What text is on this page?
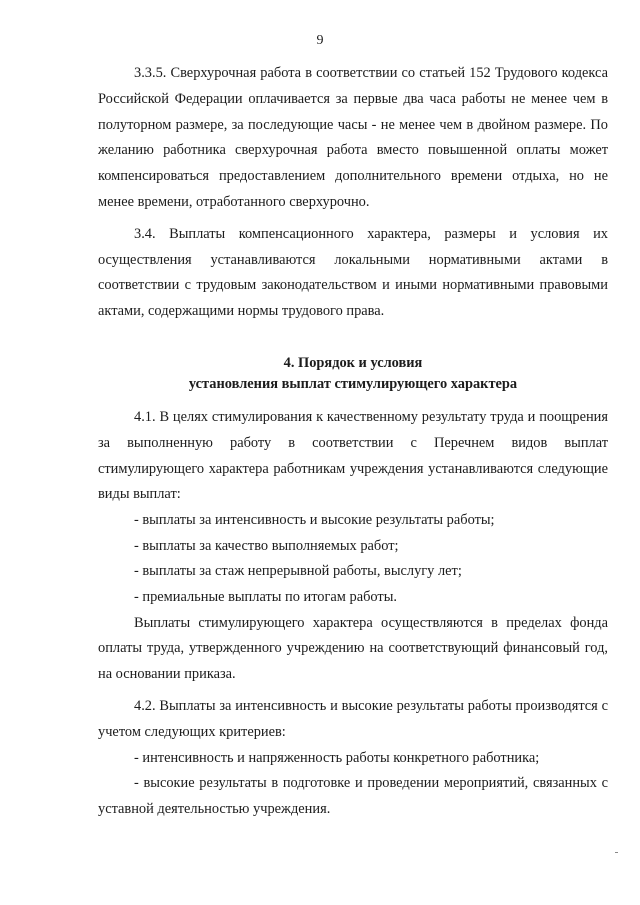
9

3.3.5. Сверхурочная работа в соответствии со статьей 152 Трудового кодекса Российской Федерации оплачивается за первые два часа работы не менее чем в полуторном размере, за последующие часы - не менее чем в двойном размере. По желанию работника сверхурочная работа вместо повышенной оплаты может компенсироваться предоставлением дополнительного времени отдыха, но не менее времени, отработанного сверхурочно.

3.4. Выплаты компенсационного характера, размеры и условия их осуществления устанавливаются локальными нормативными актами в соответствии с трудовым законодательством и иными нормативными правовыми актами, содержащими нормы трудового права.

4. Порядок и условия

установления выплат стимулирующего характера

4.1. В целях стимулирования к качественному результату труда и поощрения за выполненную работу в соответствии с Перечнем видов выплат стимулирующего характера работникам учреждения устанавливаются следующие виды выплат:

- выплаты за интенсивность и высокие результаты работы;

- выплаты за качество выполняемых работ;

- выплаты за стаж непрерывной работы, выслугу лет;

- премиальные выплаты по итогам работы.

Выплаты стимулирующего характера осуществляются в пределах фонда оплаты труда, утвержденного учреждению на соответствующий финансовый год, на основании приказа.

4.2. Выплаты за интенсивность и высокие результаты работы производятся с учетом следующих критериев:

- интенсивность и напряженность работы конкретного работника;

- высокие результаты в подготовке и проведении мероприятий, связанных с уставной деятельностью учреждения.
